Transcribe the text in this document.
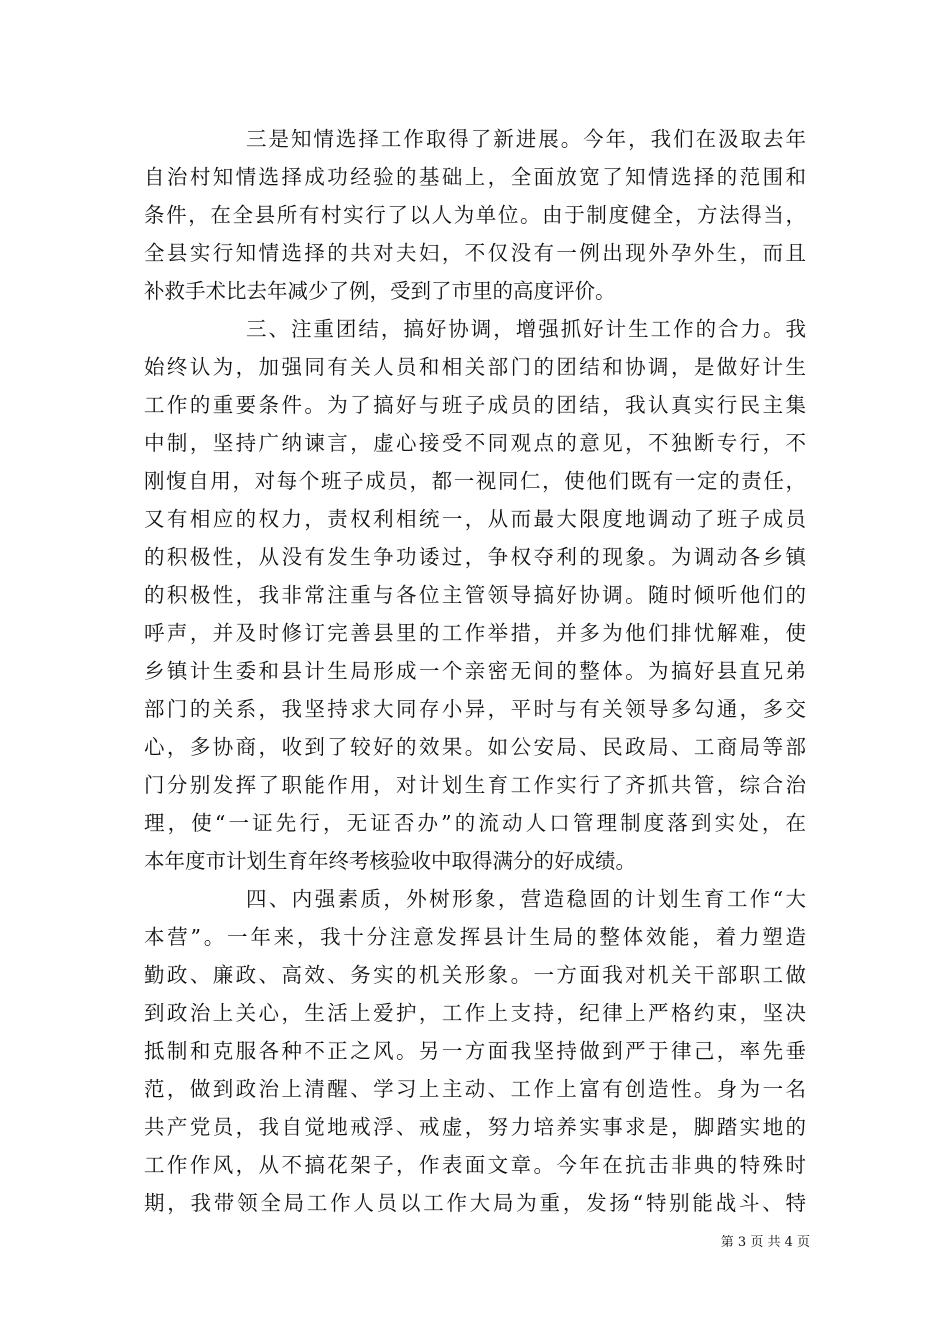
三是知情选择工作取得了新进展。今年，我们在汲取去年
自治村知情选择成功经验的基础上，全面放宽了知情选择的范围和
条件，在全县所有村实行了以人为单位。由于制度健全，方法得当，
全县实行知情选择的共对夫妇，不仅没有一例出现外孕外生，而且
补救手术比去年减少了例，受到了市里的高度评价。
三、注重团结，搞好协调，增强抓好计生工作的合力。我
始终认为，加强同有关人员和相关部门的团结和协调，是做好计生
工作的重要条件。为了搞好与班子成员的团结，我认真实行民主集
中制，坚持广纳谏言，虚心接受不同观点的意见，不独断专行，不
刚愎自用，对每个班子成员，都一视同仁，使他们既有一定的责任，
又有相应的权力，责权利相统一，从而最大限度地调动了班子成员
的积极性，从没有发生争功诿过，争权夺利的现象。为调动各乡镇
的积极性，我非常注重与各位主管领导搞好协调。随时倾听他们的
呼声，并及时修订完善县里的工作举措，并多为他们排忧解难，使
乡镇计生委和县计生局形成一个亲密无间的整体。为搞好县直兄弟
部门的关系，我坚持求大同存小异，平时与有关领导多勾通，多交
心，多协商，收到了较好的效果。如公安局、民政局、工商局等部
门分别发挥了职能作用，对计划生育工作实行了齐抓共管，综合治
理，使“一证先行，无证否办”的流动人口管理制度落到实处，在
本年度市计划生育年终考核验收中取得满分的好成绩。
四、内强素质，外树形象，营造稳固的计划生育工作“大
本营”。一年来，我十分注意发挥县计生局的整体效能，着力塑造
勤政、廉政、高效、务实的机关形象。一方面我对机关干部职工做
到政治上关心，生活上爱护，工作上支持，纪律上严格约束，坚决
抵制和克服各种不正之风。另一方面我坚持做到严于律己，率先垂
范，做到政治上清醒、学习上主动、工作上富有创造性。身为一名
共产党员，我自觉地戒浮、戒虚，努力培养实事求是，脚踏实地的
工作作风，从不搞花架子，作表面文章。今年在抗击非典的特殊时
期，我带领全局工作人员以工作大局为重，发扬“特别能战斗、特
第 3 页 共 4 页
